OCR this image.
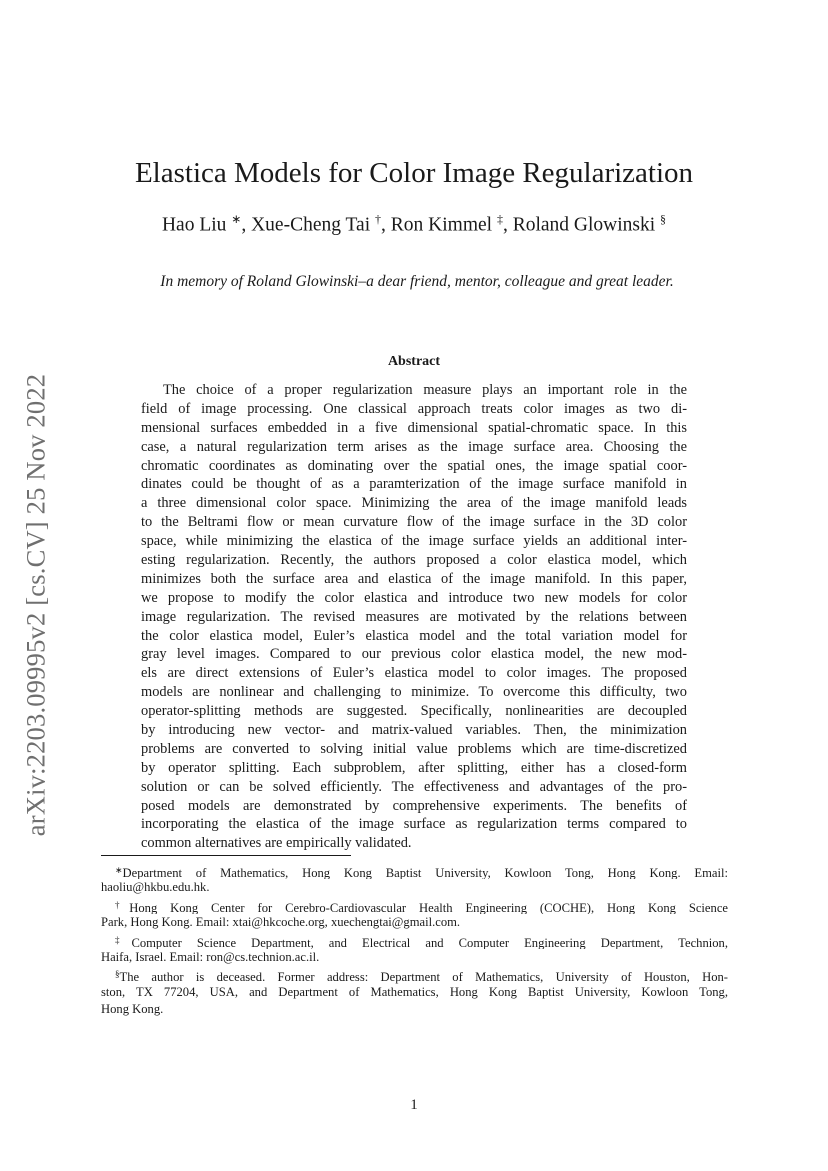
arXiv:2203.09995v2 [cs.CV] 25 Nov 2022
Elastica Models for Color Image Regularization
Hao Liu ∗, Xue-Cheng Tai †, Ron Kimmel ‡, Roland Glowinski §
In memory of Roland Glowinski–a dear friend, mentor, colleague and great leader.
Abstract
The choice of a proper regularization measure plays an important role in the
field of image processing. One classical approach treats color images as two di-
mensional surfaces embedded in a five dimensional spatial-chromatic space. In this
case, a natural regularization term arises as the image surface area. Choosing the
chromatic coordinates as dominating over the spatial ones, the image spatial coor-
dinates could be thought of as a paramterization of the image surface manifold in
a three dimensional color space. Minimizing the area of the image manifold leads
to the Beltrami flow or mean curvature flow of the image surface in the 3D color
space, while minimizing the elastica of the image surface yields an additional inter-
esting regularization. Recently, the authors proposed a color elastica model, which
minimizes both the surface area and elastica of the image manifold. In this paper,
we propose to modify the color elastica and introduce two new models for color
image regularization. The revised measures are motivated by the relations between
the color elastica model, Euler’s elastica model and the total variation model for
gray level images. Compared to our previous color elastica model, the new mod-
els are direct extensions of Euler’s elastica model to color images. The proposed
models are nonlinear and challenging to minimize. To overcome this difficulty, two
operator-splitting methods are suggested. Specifically, nonlinearities are decoupled
by introducing new vector- and matrix-valued variables. Then, the minimization
problems are converted to solving initial value problems which are time-discretized
by operator splitting. Each subproblem, after splitting, either has a closed-form
solution or can be solved efficiently. The effectiveness and advantages of the pro-
posed models are demonstrated by comprehensive experiments. The benefits of
incorporating the elastica of the image surface as regularization terms compared to
common alternatives are empirically validated.
∗Department of Mathematics, Hong Kong Baptist University, Kowloon Tong, Hong Kong. Email:
haoliu@hkbu.edu.hk.
†Hong Kong Center for Cerebro-Cardiovascular Health Engineering (COCHE), Hong Kong Science
Park, Hong Kong. Email: xtai@hkcoche.org, xuechengtai@gmail.com.
‡Computer Science Department, and Electrical and Computer Engineering Department, Technion,
Haifa, Israel. Email: ron@cs.technion.ac.il.
§The author is deceased. Former address: Department of Mathematics, University of Houston, Hon-
ston, TX 77204, USA, and Department of Mathematics, Hong Kong Baptist University, Kowloon Tong,
Hong Kong.
1
